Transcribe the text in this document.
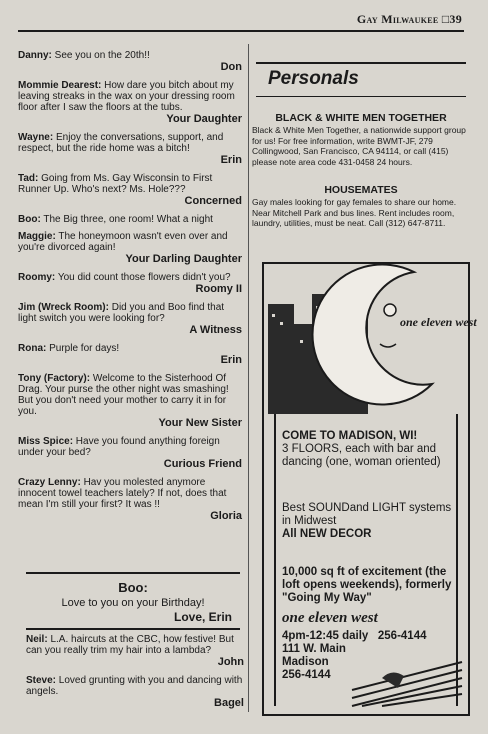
Gay Milwaukee □39
Danny: See you on the 20th!!
Don
Mommie Dearest: How dare you bitch about my leaving streaks in the wax on your dressing room floor after I saw the floors at the tubs.
Your Daughter
Wayne: Enjoy the conversations, support, and respect, but the ride home was a bitch!
Erin
Tad: Going from Ms. Gay Wisconsin to First Runner Up. Who's next? Ms. Hole???
Concerned
Boo: The Big three, one room! What a night
Maggie: The honeymoon wasn't even over and you're divorced again!
Your Darling Daughter
Roomy: You did count those flowers didn't you?
Roomy II
Jim (Wreck Room): Did you and Boo find that light switch you were looking for?
A Witness
Rona: Purple for days!
Erin
Tony (Factory): Welcome to the Sisterhood Of Drag. Your purse the other night was smashing! But you don't need your mother to carry it in for you.
Your New Sister
Miss Spice: Have you found anything foreign under your bed?
Curious Friend
Crazy Lenny: Hav you molested anymore innocent towel teachers lately? If not, does that mean I'm still your first? It was !!
Gloria
Boo:
Love to you on your Birthday!
Love, Erin
Neil: L.A. haircuts at the CBC, how festive! But can you really trim my hair into a lambda?
John
Steve: Loved grunting with you and dancing with angels.
Bagel
Personals
BLACK & WHITE MEN TOGETHER
Black & White Men Together, a nationwide support group for us! For free information, write BWMT-JF, 279 Collingwood, San Francisco, CA 94114, or call (415) please note area code 431-0458 24 hours.
HOUSEMATES
Gay males looking for gay females to share our home. Near Mitchell Park and bus lines. Rent includes room, laundry, utilities, must be neat. Call (312) 647-8711.
one eleven west
COME TO MADISON, WI!
3 FLOORS, each with bar and dancing (one, woman oriented)
Best SOUNDand LIGHT systems in Midwest
All NEW DECOR
10,000 sq ft of excitement (the loft opens weekends), formerly "Going My Way"
one eleven west
4pm-12:45 daily 256-4144
111 W. Main
Madison
256-4144
